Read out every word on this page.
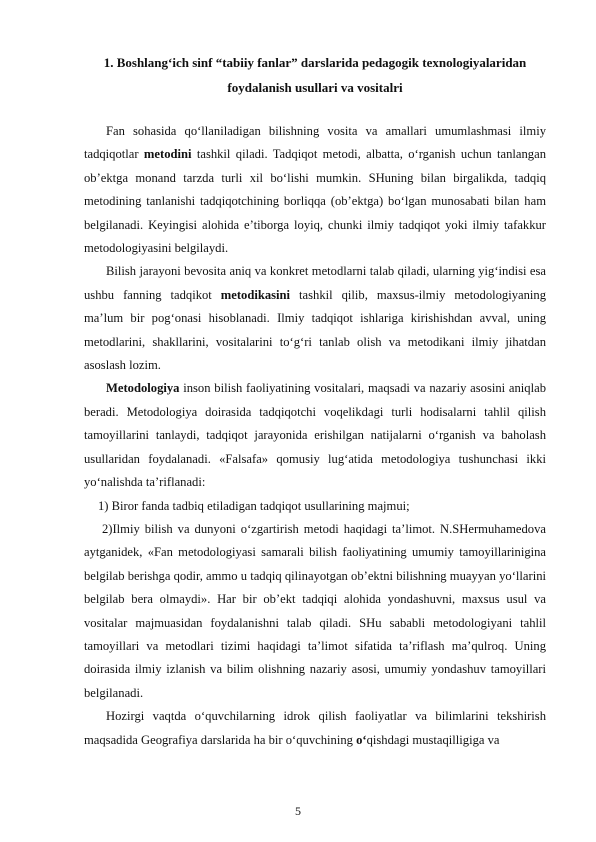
1. Boshlang‘ich sinf “tabiiy fanlar” darslarida pedagogik texnologiyalaridan
foydalanish usullari va vositalri

Fan sohasida qo‘llaniladigan bilishning vosita va amallari umumlashmasi ilmiy tadqiqotlar metodini tashkil qiladi. Tadqiqot metodi, albatta, o‘rganish uchun tanlangan ob’ektga monand tarzda turli xil bo‘lishi mumkin. SHuning bilan birgalikda, tadqiq metodining tanlanishi tadqiqotchining borliqqa (ob’ektga) bo‘lgan munosabati bilan ham belgilanadi. Keyingisi alohida e’tiborga loyiq, chunki ilmiy tadqiqot yoki ilmiy tafakkur metodologiyasini belgilaydi.

Bilish jarayoni bevosita aniq va konkret metodlarni talab qiladi, ularning yig‘indisi esa ushbu fanning tadqikot metodikasini tashkil qilib, maxsus-ilmiy metodologiyaning ma’lum bir pog‘onasi hisoblanadi. Ilmiy tadqiqot ishlariga kirishishdan avval, uning metodlarini, shakllarini, vositalarini to‘g‘ri tanlab olish va metodikani ilmiy jihatdan asoslash lozim.

Metodologiya inson bilish faoliyatining vositalari, maqsadi va nazariy asosini aniqlab beradi. Metodologiya doirasida tadqiqotchi voqelikdagi turli hodisalarni tahlil qilish tamoyillarini tanlaydi, tadqiqot jarayonida erishilgan natijalarni o‘rganish va baholash usullaridan foydalanadi. «Falsafa» qomusiy lug‘atida metodologiya tushunchasi ikki yo‘nalishda ta’riflanadi:

1) Biror fanda tadbiq etiladigan tadqiqot usullarining majmui;

2)Ilmiy bilish va dunyoni o‘zgartirish metodi haqidagi ta’limot. N.SHermuhamedova aytganidek, «Fan metodologiyasi samarali bilish faoliyatining umumiy tamoyillarinigina belgilab berishga qodir, ammo u tadqiq qilinayotgan ob’ektni bilishning muayyan yo‘llarini belgilab bera olmaydi». Har bir ob’ekt tadqiqi alohida yondashuvni, maxsus usul va vositalar majmuasidan foydalanishni talab qiladi. SHu sababli metodologiyani tahlil tamoyillari va metodlari tizimi haqidagi ta’limot sifatida ta’riflash ma’qulroq. Uning doirasida ilmiy izlanish va bilim olishning nazariy asosi, umumiy yondashuv tamoyillari belgilanadi.

Hozirgi vaqtda o‘quvchilarning idrok qilish faoliyatlar va bilimlarini tekshirish maqsadida Geografiya darslarida ha bir o‘quvchining o‘qishdagi mustaqilligiga va

5
